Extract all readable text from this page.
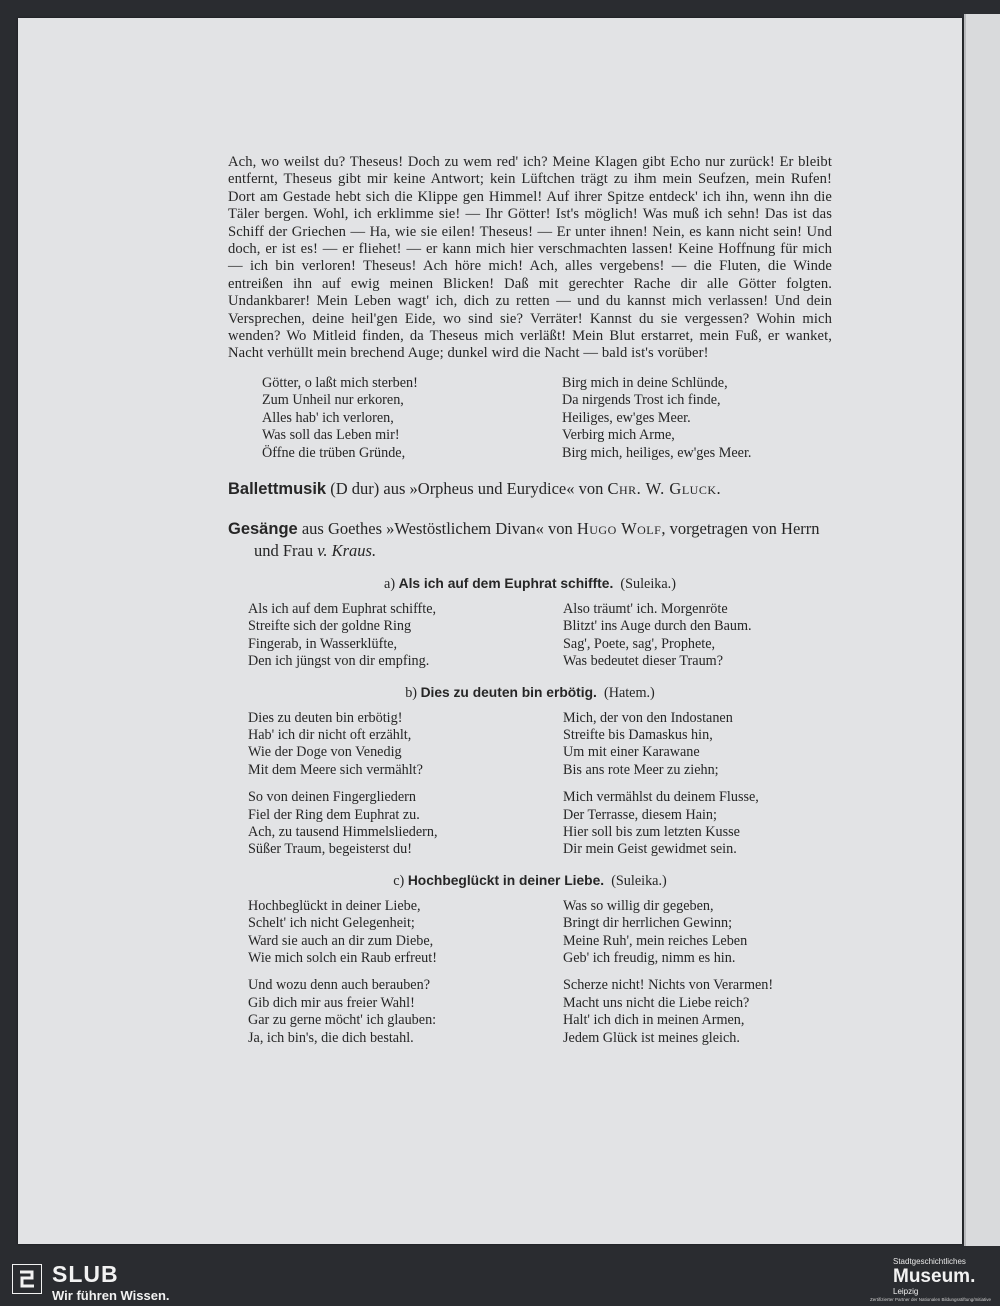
Ach, wo weilst du? Theseus! Doch zu wem red' ich? Meine Klagen gibt Echo nur zurück! Er bleibt entfernt, Theseus gibt mir keine Antwort; kein Lüftchen trägt zu ihm mein Seufzen, mein Rufen! Dort am Gestade hebt sich die Klippe gen Himmel! Auf ihrer Spitze entdeck' ich ihn, wenn ihn die Täler bergen. Wohl, ich erklimme sie! — Ihr Götter! Ist's möglich! Was muß ich sehn! Das ist das Schiff der Griechen — Ha, wie sie eilen! Theseus! — Er unter ihnen! Nein, es kann nicht sein! Und doch, er ist es! — er fliehet! — er kann mich hier verschmachten lassen! Keine Hoffnung für mich — ich bin verloren! Theseus! Ach höre mich! Ach, alles vergebens! — die Fluten, die Winde entreißen ihn auf ewig meinen Blicken! Daß mit gerechter Rache dir alle Götter folgten. Undankbarer! Mein Leben wagt' ich, dich zu retten — und du kannst mich verlassen! Und dein Versprechen, deine heil'gen Eide, wo sind sie? Verräter! Kannst du sie vergessen? Wohin mich wenden? Wo Mitleid finden, da Theseus mich verläßt! Mein Blut erstarret, mein Fuß, er wanket, Nacht verhüllt mein brechend Auge; dunkel wird die Nacht — bald ist's vorüber!
Götter, o laßt mich sterben!
Zum Unheil nur erkoren,
Alles hab' ich verloren,
Was soll das Leben mir!
Öffne die trüben Gründe,
Birg mich in deine Schlünde,
Da nirgends Trost ich finde,
Heiliges, ew'ges Meer.
Verbirg mich Arme,
Birg mich, heiliges, ew'ges Meer.
Ballettmusik (D dur) aus »Orpheus und Eurydice« von Chr. W. Gluck.
Gesänge aus Goethes »Westöstlichem Divan« von Hugo Wolf, vorgetragen von Herrn und Frau v. Kraus.
a) Als ich auf dem Euphrat schiffte. (Suleika.)
Als ich auf dem Euphrat schiffte,
Streifte sich der goldne Ring
Fingerab, in Wasserklüfte,
Den ich jüngst von dir empfing.
Also träumt' ich. Morgenröte
Blitzt' ins Auge durch den Baum.
Sag', Poete, sag', Prophete,
Was bedeutet dieser Traum?
b) Dies zu deuten bin erbötig. (Hatem.)
Dies zu deuten bin erbötig!
Hab' ich dir nicht oft erzählt,
Wie der Doge von Venedig
Mit dem Meere sich vermählt?
Mich, der von den Indostanen
Streifte bis Damaskus hin,
Um mit einer Karawane
Bis ans rote Meer zu ziehn;
So von deinen Fingergliedern
Fiel der Ring dem Euphrat zu.
Ach, zu tausend Himmelsliedern,
Süßer Traum, begeisterst du!
Mich vermählst du deinem Flusse,
Der Terrasse, diesem Hain;
Hier soll bis zum letzten Kusse
Dir mein Geist gewidmet sein.
c) Hochbeglückt in deiner Liebe. (Suleika.)
Hochbeglückt in deiner Liebe,
Schelt' ich nicht Gelegenheit;
Ward sie auch an dir zum Diebe,
Wie mich solch ein Raub erfreut!
Was so willig dir gegeben,
Bringt dir herrlichen Gewinn;
Meine Ruh', mein reiches Leben
Geb' ich freudig, nimm es hin.
Und wozu denn auch berauben?
Gib dich mir aus freier Wahl!
Gar zu gerne möcht' ich glauben:
Ja, ich bin's, die dich bestahl.
Scherze nicht! Nichts von Verarmen!
Macht uns nicht die Liebe reich?
Halt' ich dich in meinen Armen,
Jedem Glück ist meines gleich.
SLUB
Wir führen Wissen.
Stadtgeschichtliches
Museum.
Leipzig
Zertifizierter Partner der Nationalen Bildungsstiftung/Initiative
